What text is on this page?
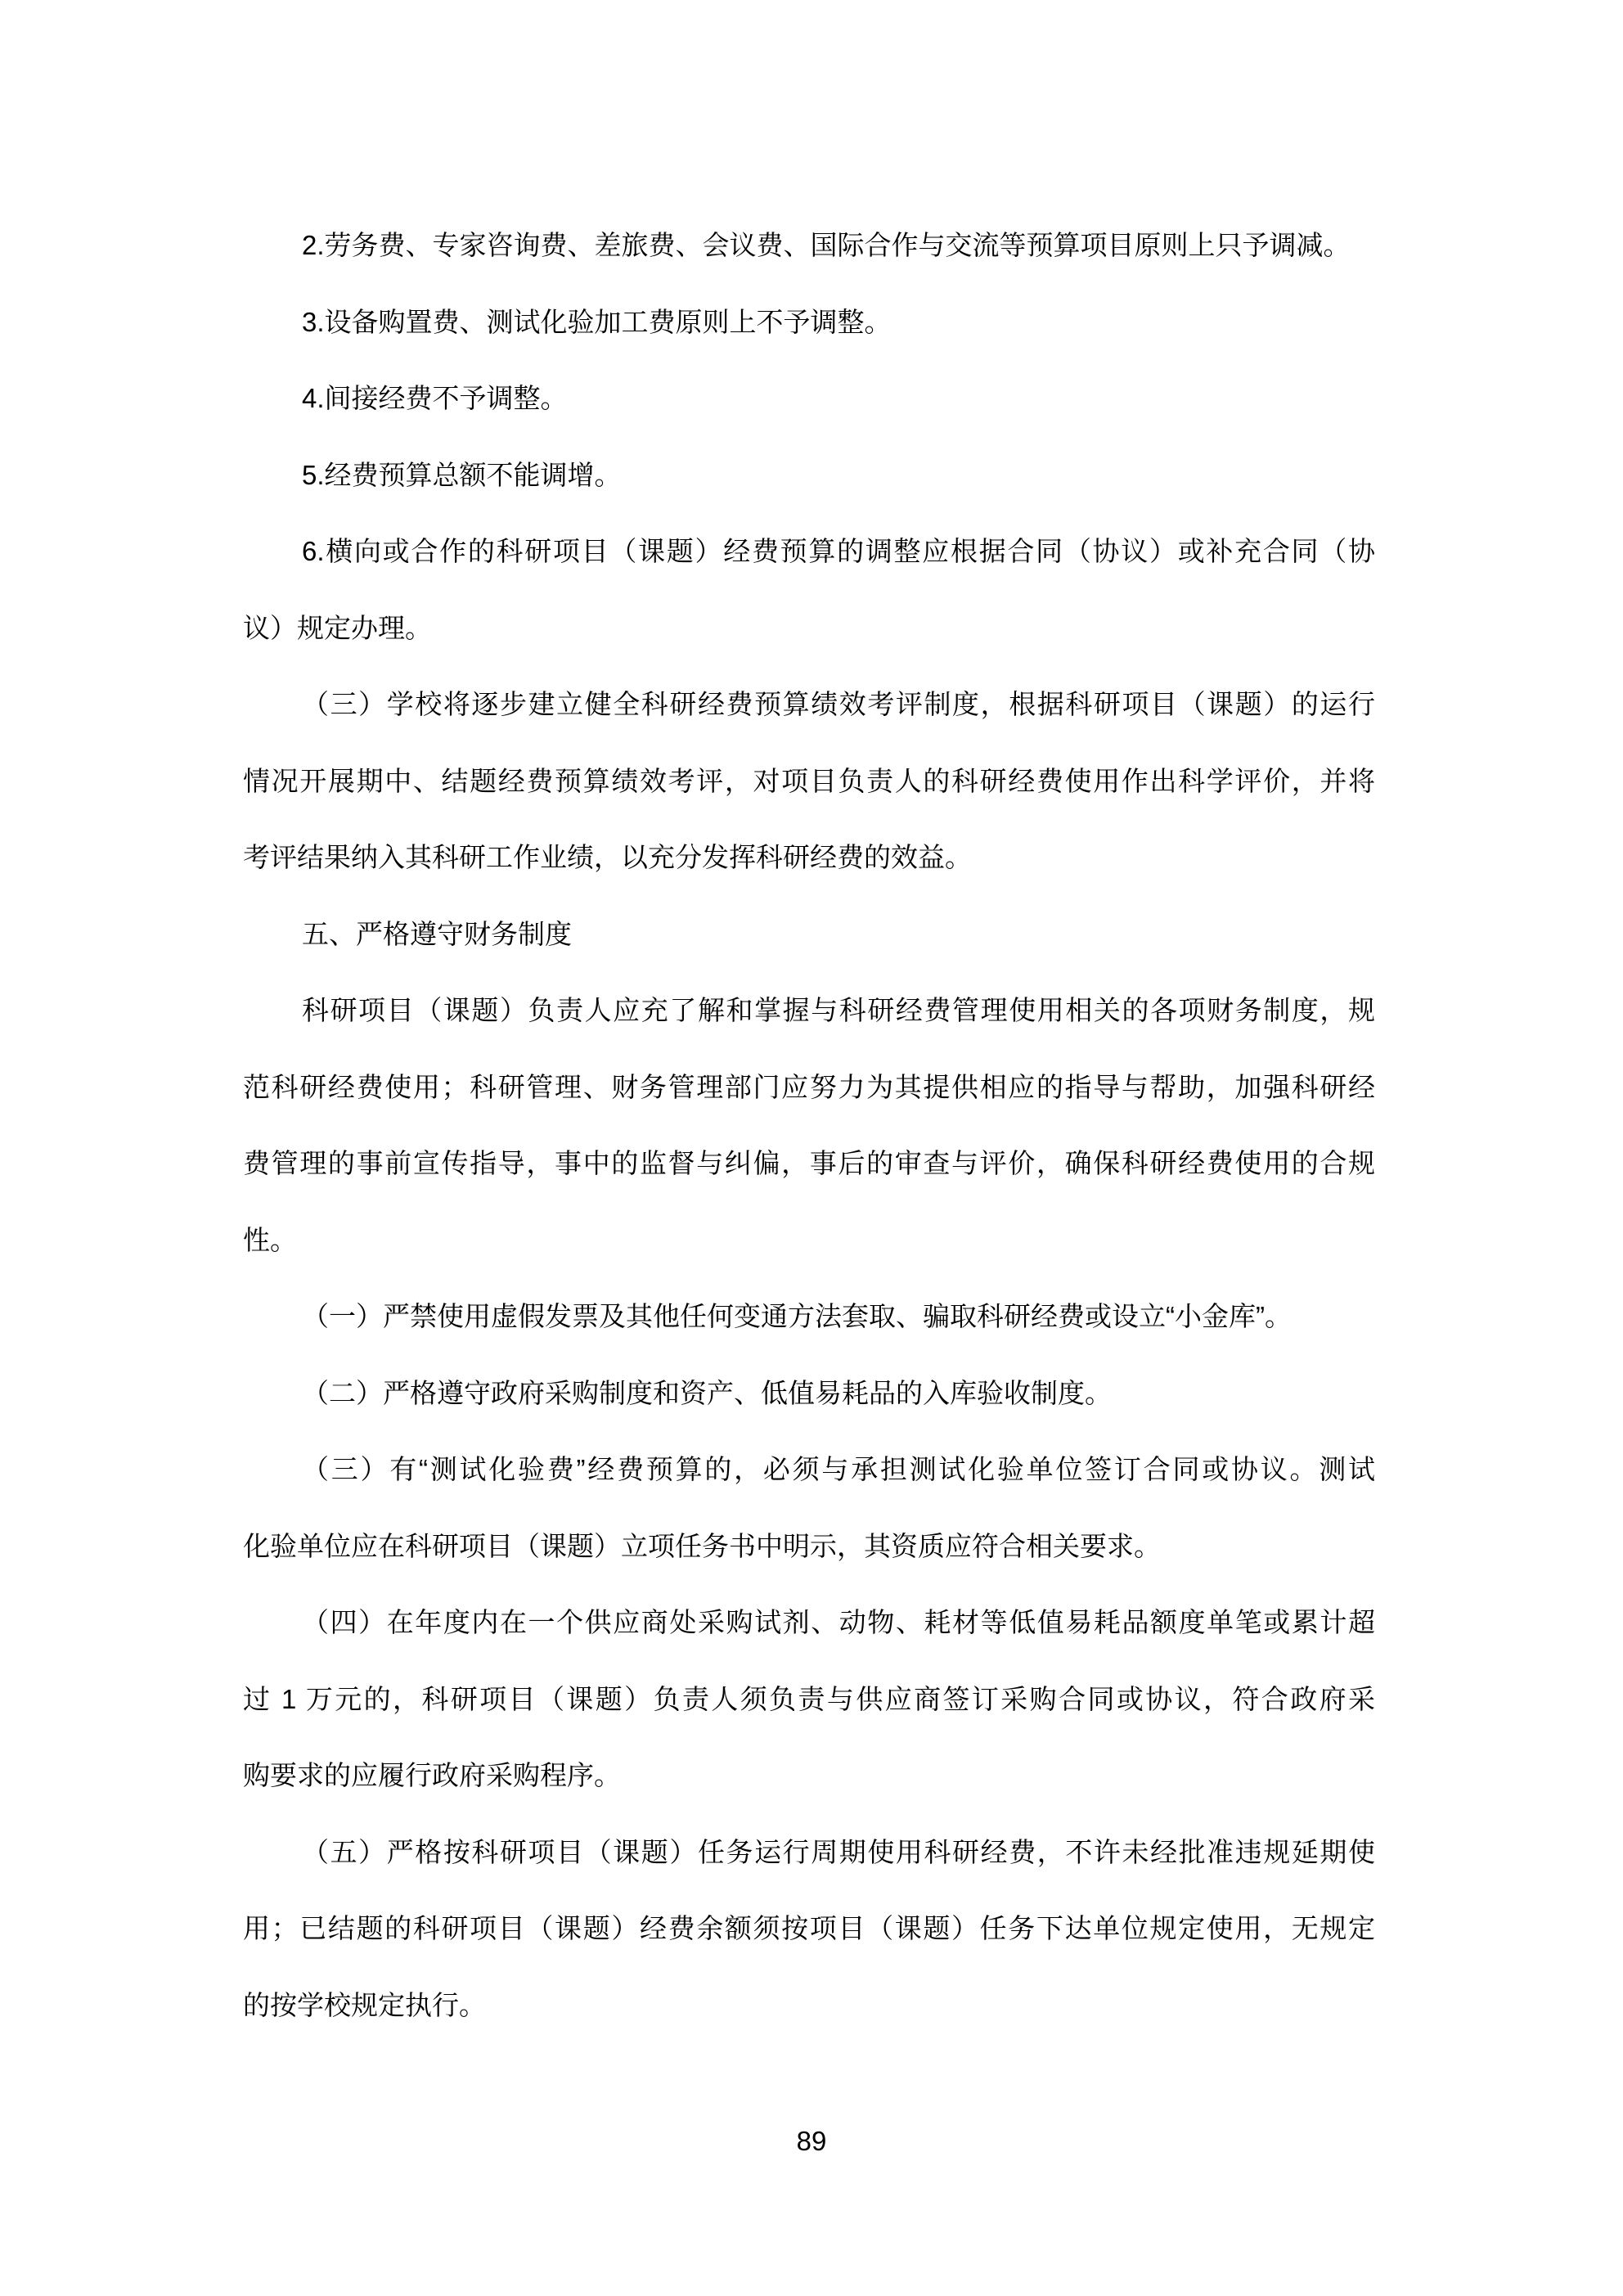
2.劳务费、专家咨询费、差旅费、会议费、国际合作与交流等预算项目原则上只予调减。
3.设备购置费、测试化验加工费原则上不予调整。
4.间接经费不予调整。
5.经费预算总额不能调增。
6.横向或合作的科研项目（课题）经费预算的调整应根据合同（协议）或补充合同（协
议）规定办理。
（三）学校将逐步建立健全科研经费预算绩效考评制度，根据科研项目（课题）的运行
情况开展期中、结题经费预算绩效考评，对项目负责人的科研经费使用作出科学评价，并将
考评结果纳入其科研工作业绩，以充分发挥科研经费的效益。
五、严格遵守财务制度
科研项目（课题）负责人应充了解和掌握与科研经费管理使用相关的各项财务制度，规
范科研经费使用；科研管理、财务管理部门应努力为其提供相应的指导与帮助，加强科研经
费管理的事前宣传指导，事中的监督与纠偏，事后的审查与评价，确保科研经费使用的合规
性。
（一）严禁使用虚假发票及其他任何变通方法套取、骗取科研经费或设立“小金库”。
（二）严格遵守政府采购制度和资产、低值易耗品的入库验收制度。
（三）有“测试化验费”经费预算的，必须与承担测试化验单位签订合同或协议。测试
化验单位应在科研项目（课题）立项任务书中明示，其资质应符合相关要求。
（四）在年度内在一个供应商处采购试剂、动物、耗材等低值易耗品额度单笔或累计超
过 1 万元的，科研项目（课题）负责人须负责与供应商签订采购合同或协议，符合政府采
购要求的应履行政府采购程序。
（五）严格按科研项目（课题）任务运行周期使用科研经费，不许未经批准违规延期使
用；已结题的科研项目（课题）经费余额须按项目（课题）任务下达单位规定使用，无规定
的按学校规定执行。
89
